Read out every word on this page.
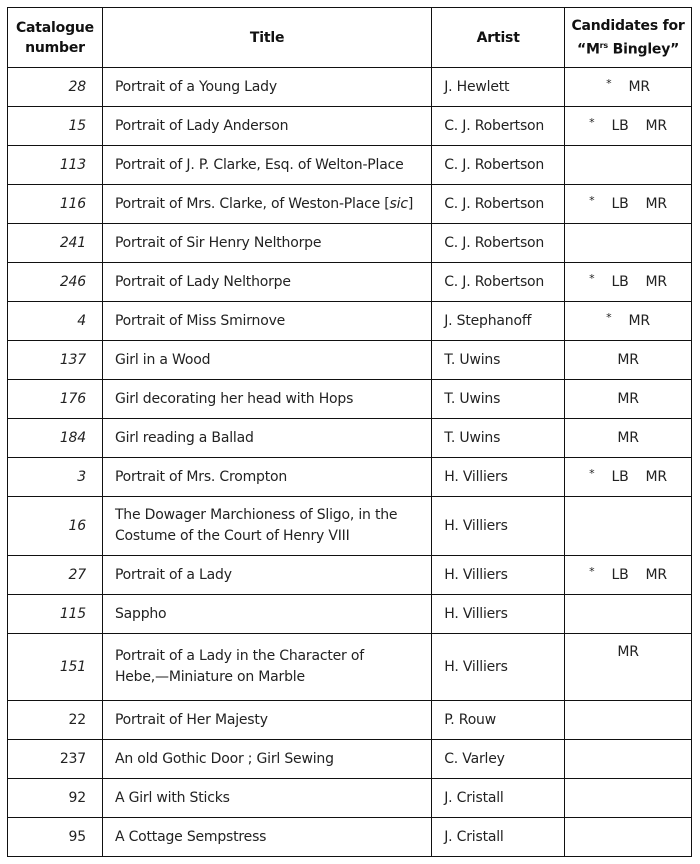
Catalogue
number	Title	Artist	Candidates for
“$M^{rs}$ Bingley”
28	Portrait of a Young Lady	J. Hewlett	* MR
15	Portrait of Lady Anderson	C. J. Robertson	* LB    MR
113	Portrait of J. P. Clarke, Esq. of Welton-Place	C. J. Robertson	
116	Portrait of Mrs. Clarke, of Weston-Place [sic]	C. J. Robertson	* LB    MR
241	Portrait of Sir Henry Nelthorpe	C. J. Robertson	
246	Portrait of Lady Nelthorpe	C. J. Robertson	* LB    MR
4	Portrait of Miss Smirnove	J. Stephanoff	* MR
137	Girl in a Wood	T. Uwins	MR
176	Girl decorating her head with Hops	T. Uwins	MR
184	Girl reading a Ballad	T. Uwins	MR
3	Portrait of Mrs. Crompton	H. Villiers	* LB    MR
16	The Dowager Marchioness of Sligo, in the
Costume of the Court of Henry VIII	H. Villiers	
27	Portrait of a Lady	H. Villiers	* LB    MR
115	Sappho	H. Villiers	
151	Portrait of a Lady in the Character of
Hebe,—Miniature on Marble	H. Villiers	MR
22	Portrait of Her Majesty	P. Rouw	
237	An old Gothic Door ; Girl Sewing	C. Varley	
92	A Girl with Sticks	J. Cristall	
95	A Cottage Sempstress	J. Cristall	
